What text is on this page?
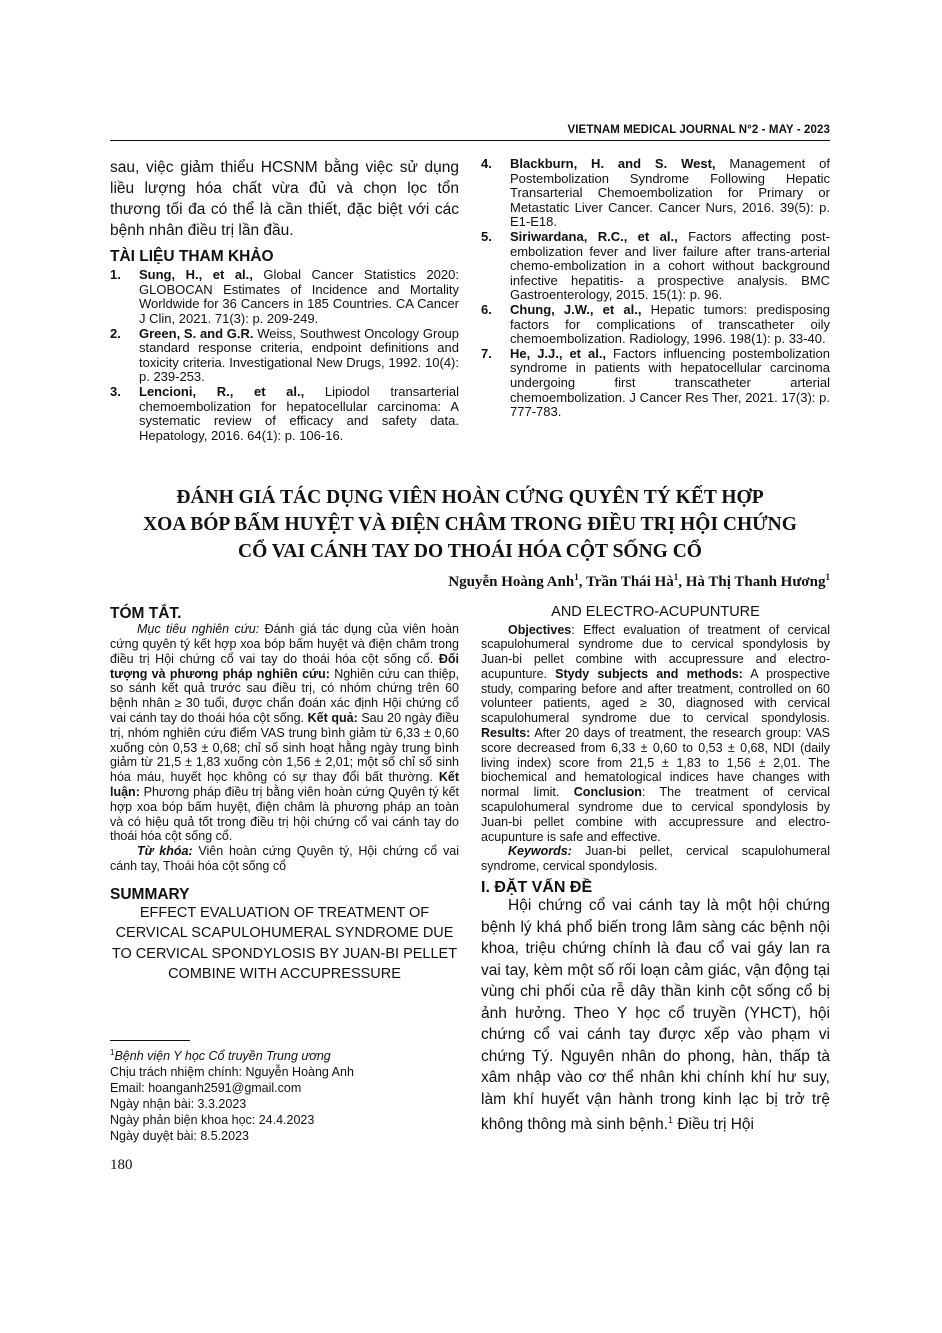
VIETNAM MEDICAL JOURNAL N°2 - MAY - 2023

sau, việc giảm thiểu HCSNM bằng việc sử dụng liều lượng hóa chất vừa đủ và chọn lọc tổn thương tối đa có thể là cần thiết, đặc biệt với các bệnh nhân điều trị lần đầu.

TÀI LIỆU THAM KHẢO
1.	Sung, H., et al., Global Cancer Statistics 2020: GLOBOCAN Estimates of Incidence and Mortality Worldwide for 36 Cancers in 185 Countries. CA Cancer J Clin, 2021. 71(3): p. 209-249.
2.	Green, S. and G.R. Weiss, Southwest Oncology Group standard response criteria, endpoint definitions and toxicity criteria. Investigational New Drugs, 1992. 10(4): p. 239-253.
3.	Lencioni, R., et al., Lipiodol transarterial chemoembolization for hepatocellular carcinoma: A systematic review of efficacy and safety data. Hepatology, 2016. 64(1): p. 106-16.
4.	Blackburn, H. and S. West, Management of Postembolization Syndrome Following Hepatic Transarterial Chemoembolization for Primary or Metastatic Liver Cancer. Cancer Nurs, 2016. 39(5): p. E1-E18.
5.	Siriwardana, R.C., et al., Factors affecting post-embolization fever and liver failure after trans-arterial chemo-embolization in a cohort without background infective hepatitis- a prospective analysis. BMC Gastroenterology, 2015. 15(1): p. 96.
6.	Chung, J.W., et al., Hepatic tumors: predisposing factors for complications of transcatheter oily chemoembolization. Radiology, 1996. 198(1): p. 33-40.
7.	He, J.J., et al., Factors influencing postembolization syndrome in patients with hepatocellular carcinoma undergoing first transcatheter arterial chemoembolization. J Cancer Res Ther, 2021. 17(3): p. 777-783.
ĐÁNH GIÁ TÁC DỤNG VIÊN HOÀN CỨNG QUYÊN TÝ KẾT HỢP
XOA BÓP BẤM HUYỆT VÀ ĐIỆN CHÂM TRONG ĐIỀU TRỊ HỘI CHỨNG
CỔ VAI CÁNH TAY DO THOÁI HÓA CỘT SỐNG CỔ
Nguyễn Hoàng Anh$^1$, Trần Thái $Hà^1$, Hà Thị Thanh Hương$^1$
TÓM TẮT.

Mục tiêu nghiên cứu: Đánh giá tác dụng của viên hoàn cứng quyên tý kết hợp xoa bóp bấm huyệt và điện châm trong điều trị Hội chứng cổ vai tay do thoái hóa cột sống cổ. Đối tượng và phương pháp nghiên cứu: Nghiên cứu can thiệp, so sánh kết quả trước sau điều trị, có nhóm chứng trên 60 bệnh nhân ≥ 30 tuổi, được chẩn đoán xác định Hội chứng cổ vai cánh tay do thoái hóa cột sống. Kết quả: Sau 20 ngày điều trị, nhóm nghiên cứu điểm VAS trung bình giảm từ 6,33 ± 0,60 xuống còn 0,53 ± 0,68; chỉ số sinh hoạt hằng ngày trung bình giảm từ 21,5 ± 1,83 xuống còn 1,56 ± 2,01; một số chỉ số sinh hóa máu, huyết học không có sự thay đổi bất thường. Kết luận: Phương pháp điều trị bằng viên hoàn cứng Quyên tý kết hợp xoa bóp bấm huyệt, điện châm là phương pháp an toàn và có hiệu quả tốt trong điều trị hội chứng cổ vai cánh tay do thoái hóa cột sống cổ.

Từ khóa: Viên hoàn cứng Quyên tý, Hội chứng cổ vai cánh tay, Thoái hóa cột sống cổ

SUMMARY
EFFECT EVALUATION OF TREATMENT OF CERVICAL SCAPULOHUMERAL SYNDROME DUE TO CERVICAL SPONDYLOSIS BY JUAN-BI PELLET COMBINE WITH ACCUPRESSURE
$^1$Bệnh viện Y học Cổ truyền Trung ương
Chịu trách nhiệm chính: Nguyễn Hoàng Anh
Email: hoanganh2591@gmail.com
Ngày nhận bài: 3.3.2023
Ngày phản biện khoa học: 24.4.2023
Ngày duyệt bài: 8.5.2023
180
AND ELECTRO-ACUPUNTURE

Objectives: Effect evaluation of treatment of cervical scapulohumeral syndrome due to cervical spondylosis by Juan-bi pellet combine with accupressure and electro-acupunture. Stydy subjects and methods: A prospective study, comparing before and after treatment, controlled on 60 volunteer patients, aged ≥ 30, diagnosed with cervical scapulohumeral syndrome due to cervical spondylosis. Results: After 20 days of treatment, the research group: VAS score decreased from 6,33 ± 0,60 to 0,53 ± 0,68, NDI (daily living index) score from 21,5 ± 1,83 to 1,56 ± 2,01. The biochemical and hematological indices have changes with normal limit. Conclusion: The treatment of cervical scapulohumeral syndrome due to cervical spondylosis by Juan-bi pellet combine with accupressure and electro-acupunture is safe and effective.

Keywords: Juan-bi pellet, cervical scapulohumeral syndrome, cervical spondylosis.

I. ĐẶT VẤN ĐỀ

Hội chứng cổ vai cánh tay là một hội chứng bệnh lý khá phổ biến trong lâm sàng các bệnh nội khoa, triệu chứng chính là đau cổ vai gáy lan ra vai tay, kèm một số rối loạn cảm giác, vận động tại vùng chi phối của rễ dây thần kinh cột sống cổ bị ảnh hưởng. Theo Y học cổ truyền (YHCT), hội chứng cổ vai cánh tay được xếp vào phạm vi chứng Tý. Nguyên nhân do phong, hàn, thấp tà xâm nhập vào cơ thể nhân khi chính khí hư suy, làm khí huyết vận hành trong kinh lạc bị trở trệ không thông mà sinh bệnh.$^1$ Điều trị Hội
